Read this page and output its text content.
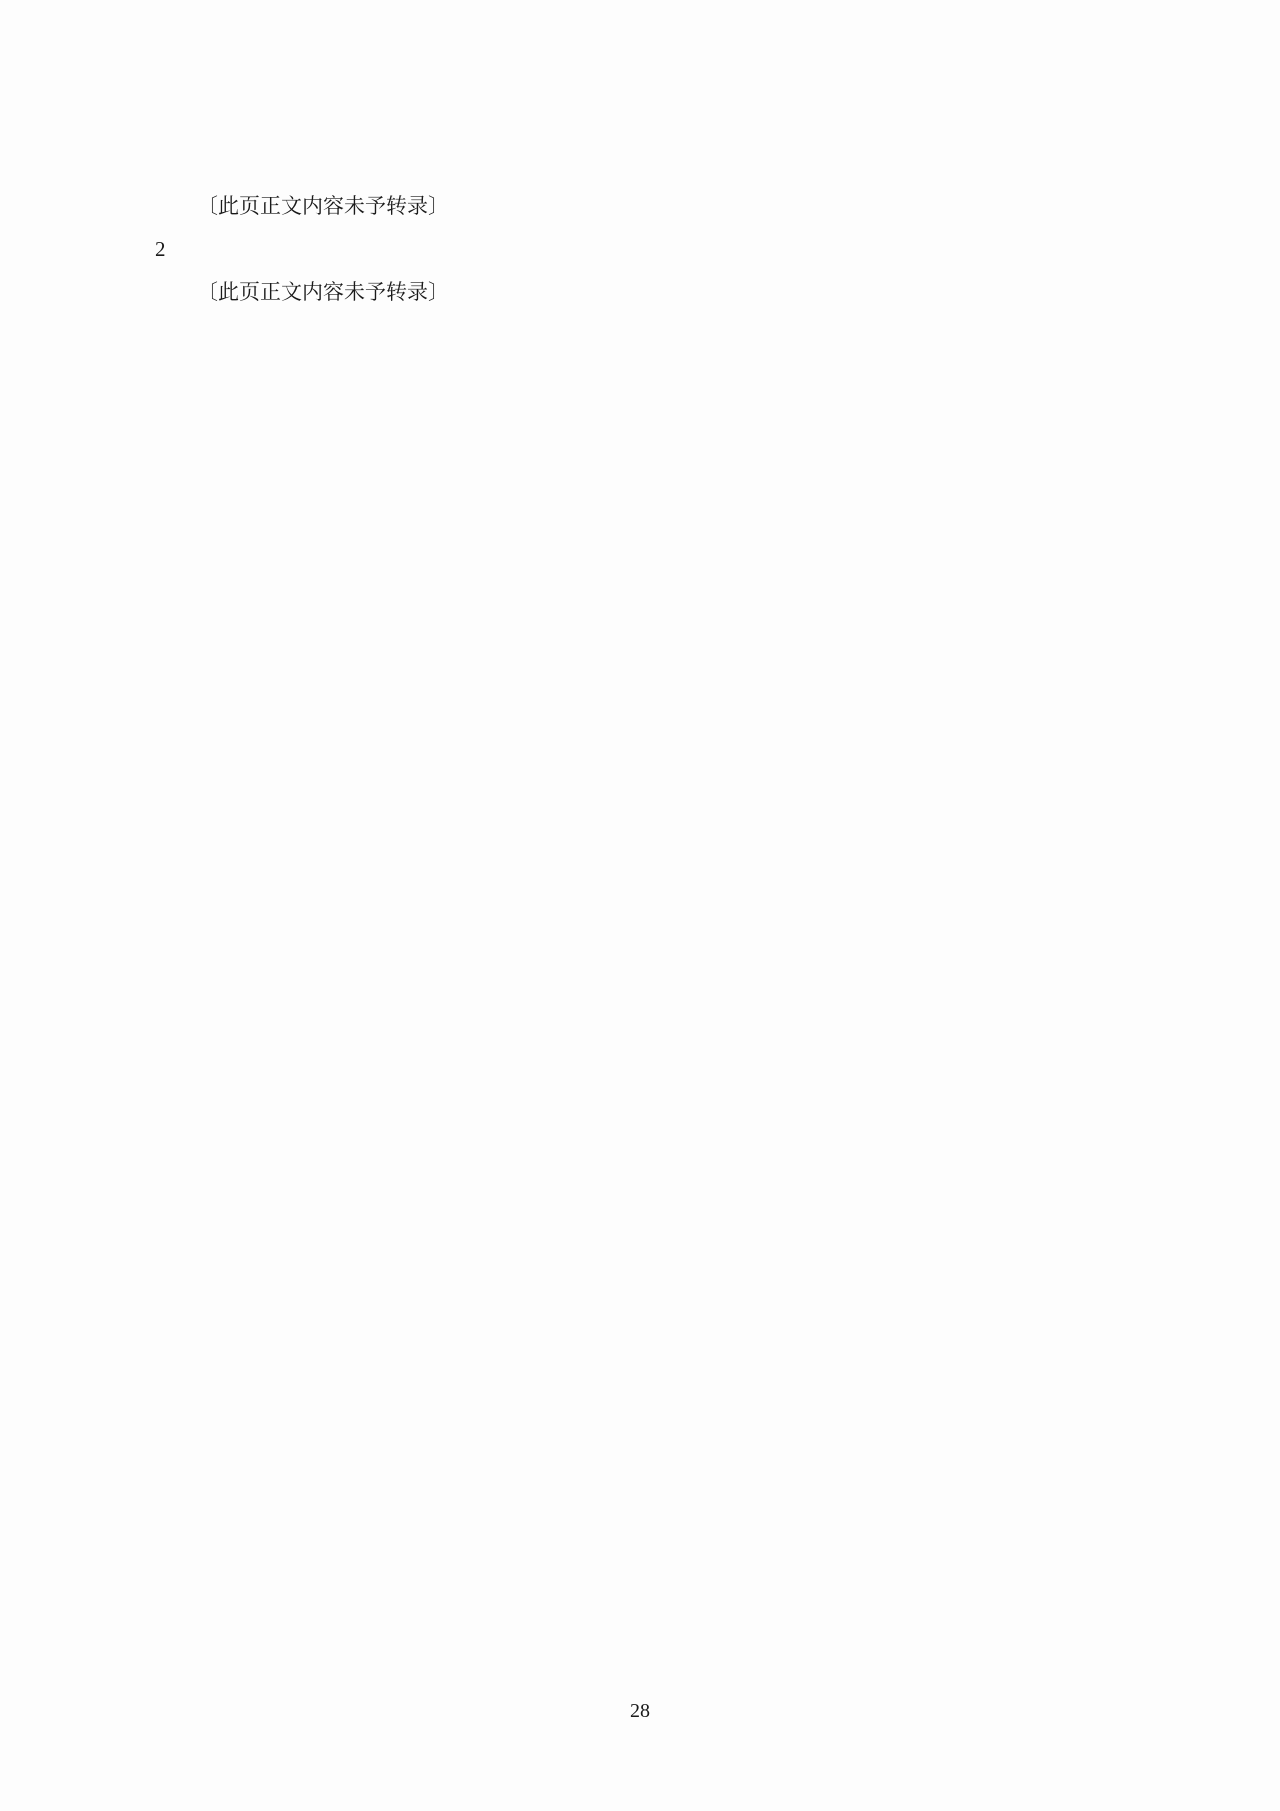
〔此页正文内容未予转录〕

2

〔此页正文内容未予转录〕

28
